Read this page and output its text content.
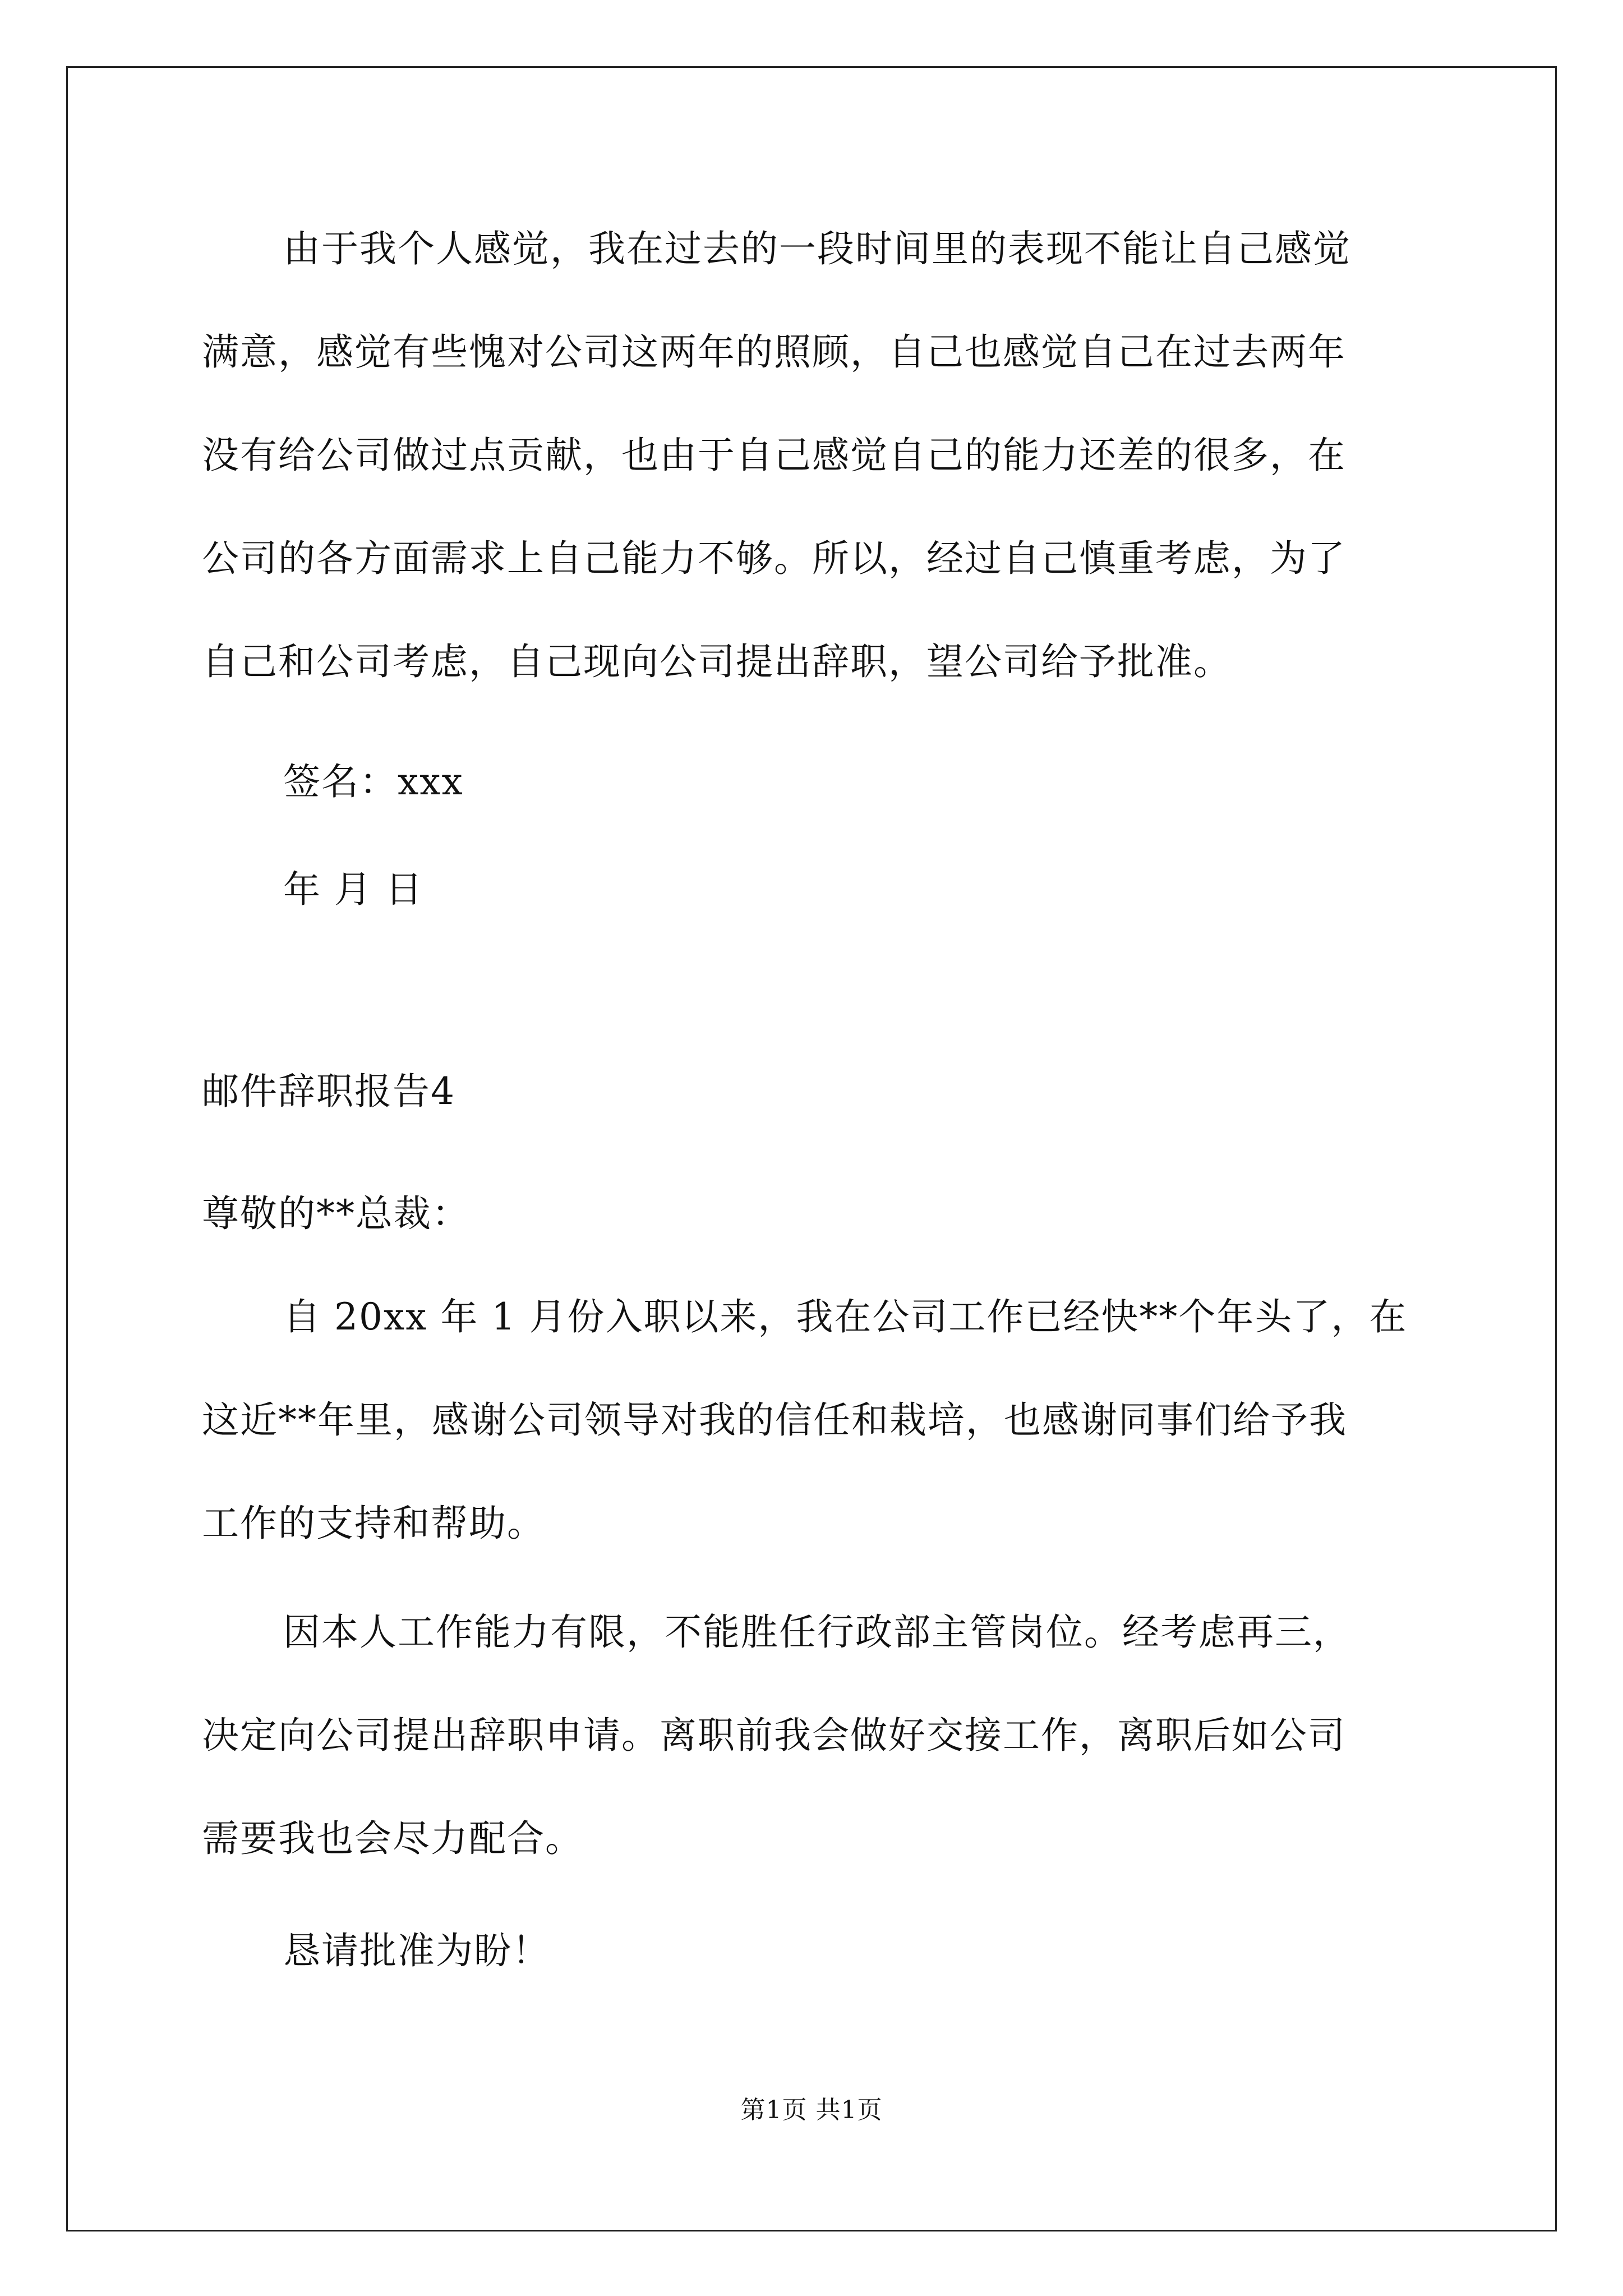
由于我个人感觉，我在过去的一段时间里的表现不能让自己感觉
满意，感觉有些愧对公司这两年的照顾，自己也感觉自己在过去两年
没有给公司做过点贡献，也由于自己感觉自己的能力还差的很多，在
公司的各方面需求上自己能力不够。所以，经过自己慎重考虑，为了
自己和公司考虑，自己现向公司提出辞职，望公司给予批准。
签名：xxx
年 月 日
邮件辞职报告4
尊敬的**总裁：
自 20xx 年 1 月份入职以来，我在公司工作已经快**个年头了，在
这近**年里，感谢公司领导对我的信任和栽培，也感谢同事们给予我
工作的支持和帮助。
因本人工作能力有限，不能胜任行政部主管岗位。经考虑再三，
决定向公司提出辞职申请。离职前我会做好交接工作，离职后如公司
需要我也会尽力配合。
恳请批准为盼！
第1页 共1页
